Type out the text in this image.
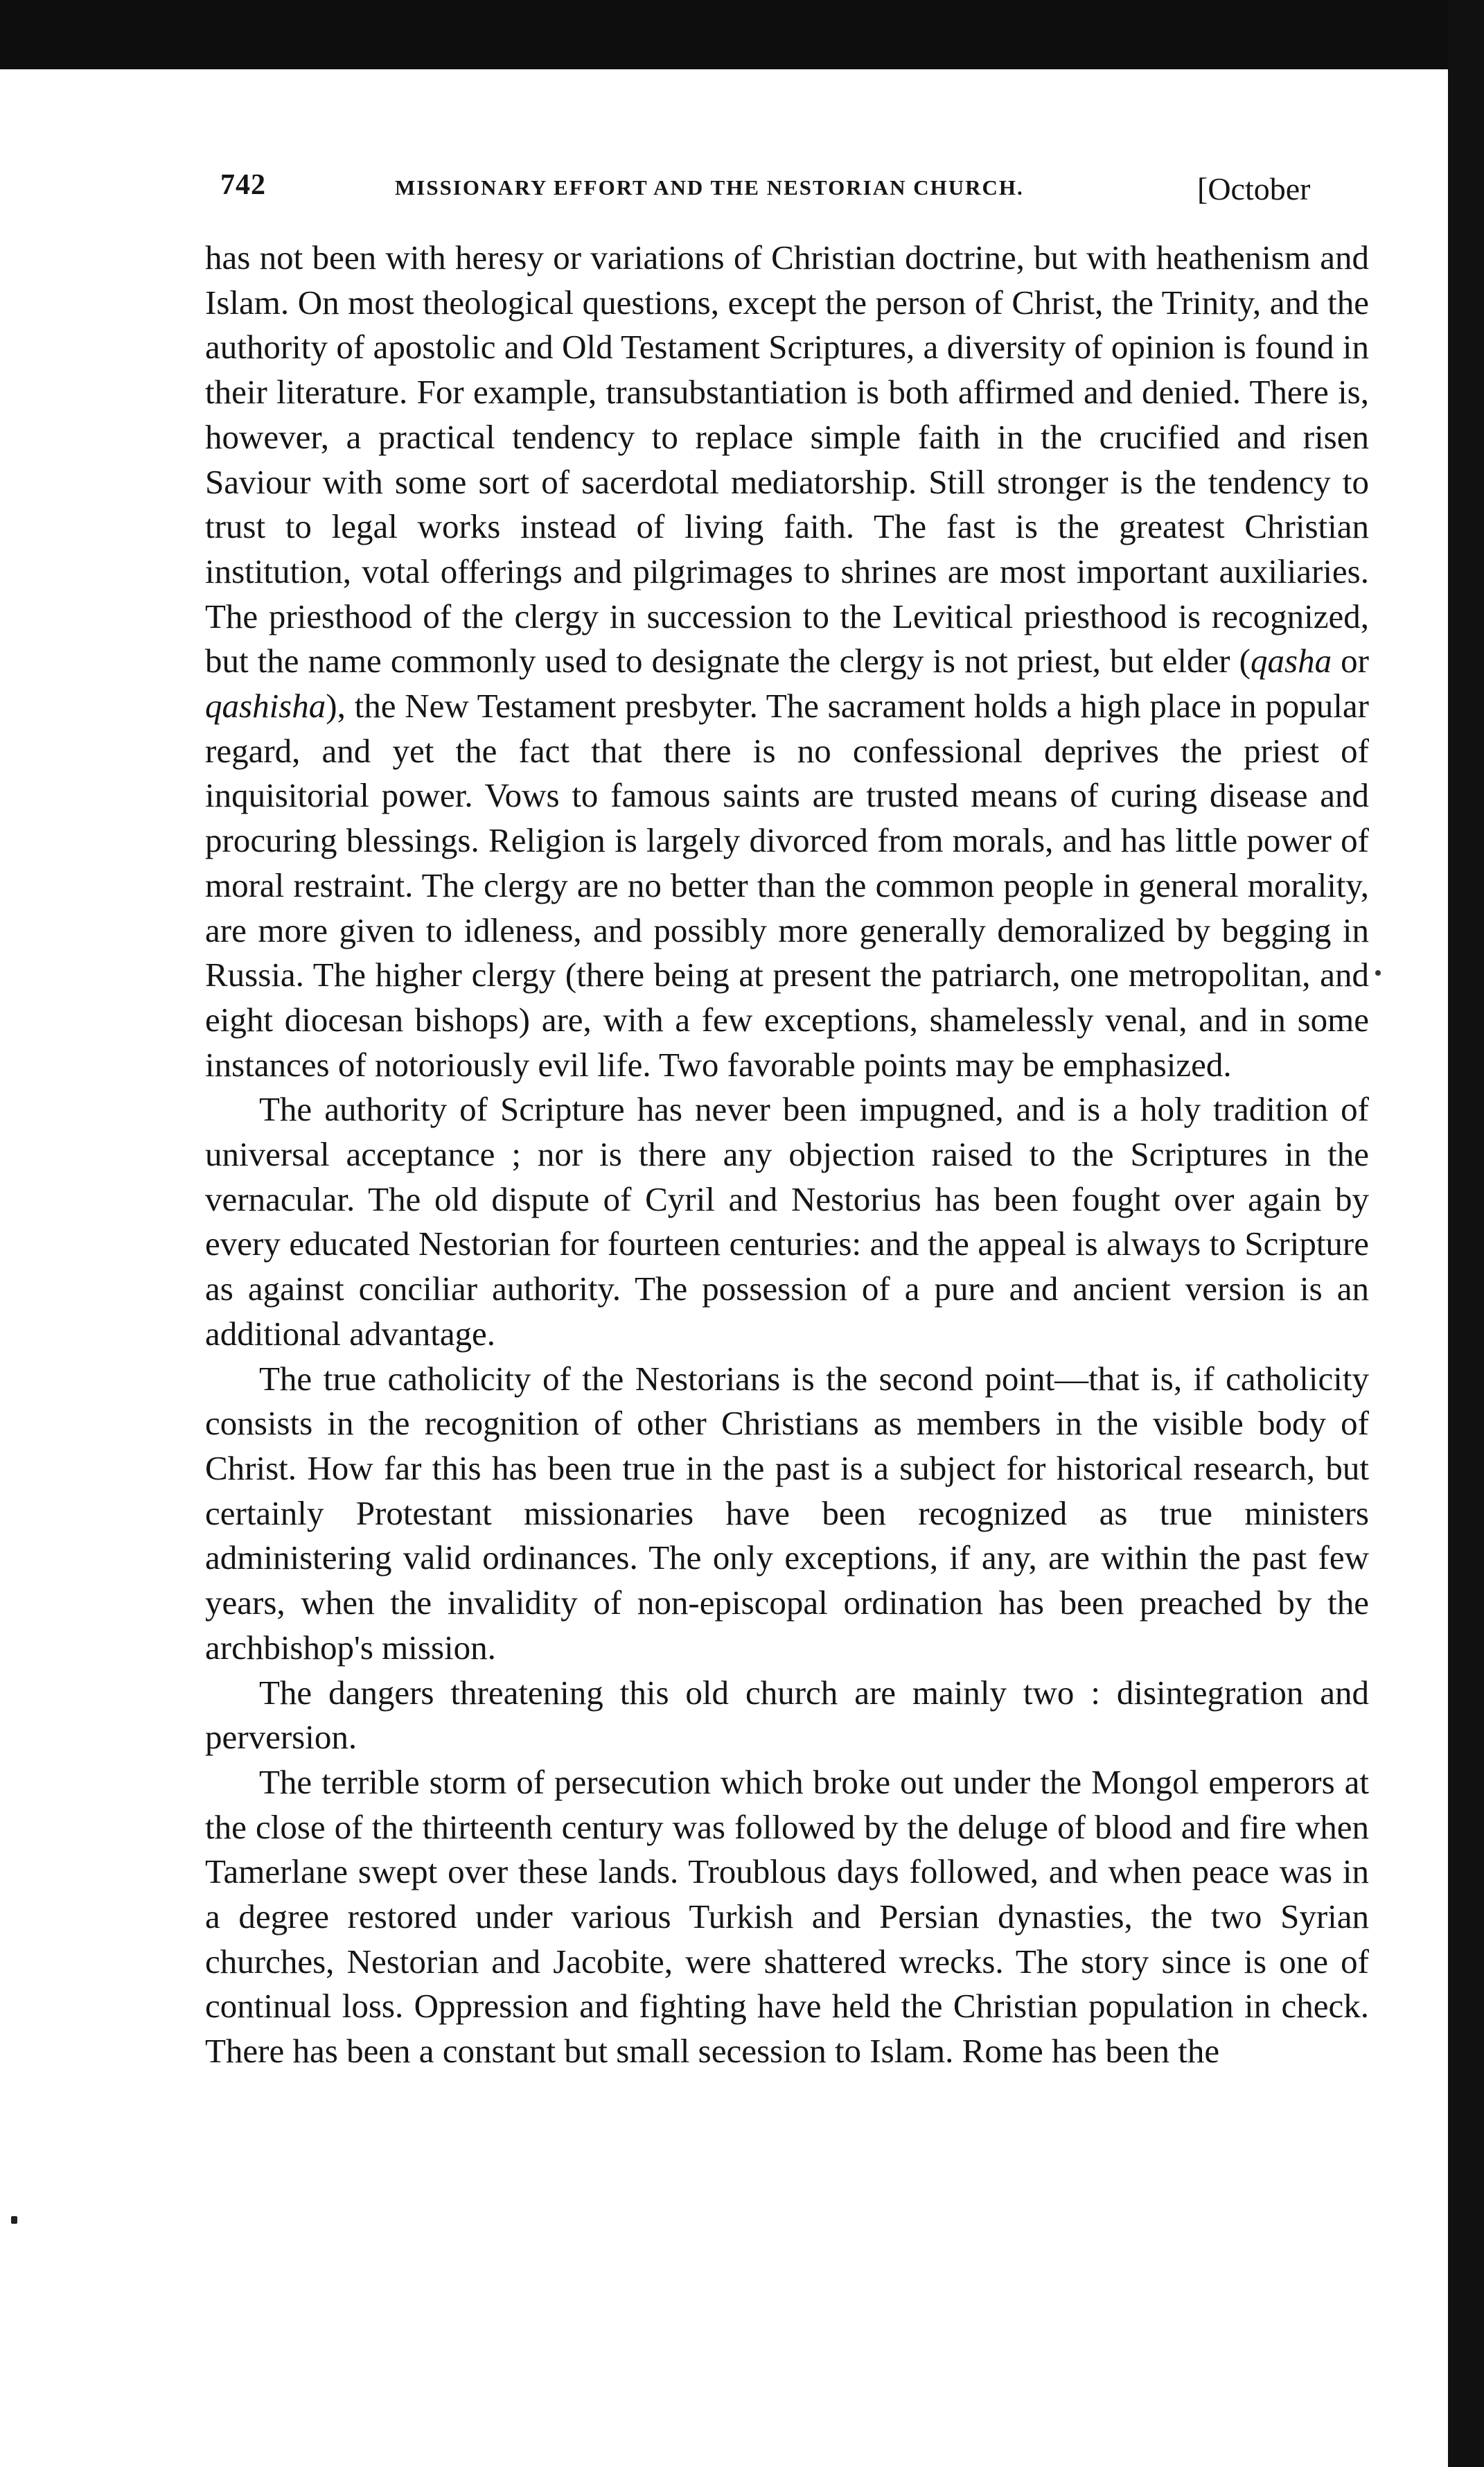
742	MISSIONARY EFFORT AND THE NESTORIAN CHURCH.	[October

has not been with heresy or variations of Christian doctrine, but with heathenism and Islam. On most theological questions, except the person of Christ, the Trinity, and the authority of apostolic and Old Testament Scriptures, a diversity of opinion is found in their literature. For example, transubstantiation is both affirmed and denied. There is, however, a practical tendency to replace simple faith in the crucified and risen Saviour with some sort of sacerdotal mediatorship. Still stronger is the tendency to trust to legal works instead of living faith. The fast is the greatest Christian institution, votal offerings and pilgrimages to shrines are most important auxiliaries. The priesthood of the clergy in succession to the Levitical priesthood is recognized, but the name commonly used to designate the clergy is not priest, but elder (qasha or qashisha), the New Testament presbyter. The sacrament holds a high place in popular regard, and yet the fact that there is no confessional deprives the priest of inquisitorial power. Vows to famous saints are trusted means of curing disease and procuring blessings. Religion is largely divorced from morals, and has little power of moral restraint. The clergy are no better than the common people in general morality, are more given to idleness, and possibly more generally demoralized by begging in Russia. The higher clergy (there being at present the patriarch, one metropolitan, and eight diocesan bishops) are, with a few exceptions, shamelessly venal, and in some instances of notoriously evil life. Two favorable points may be emphasized.

The authority of Scripture has never been impugned, and is a holy tradition of universal acceptance ; nor is there any objection raised to the Scriptures in the vernacular. The old dispute of Cyril and Nestorius has been fought over again by every educated Nestorian for fourteen centuries: and the appeal is always to Scripture as against conciliar authority. The possession of a pure and ancient version is an additional advantage.

The true catholicity of the Nestorians is the second point—that is, if catholicity consists in the recognition of other Christians as members in the visible body of Christ. How far this has been true in the past is a subject for historical research, but certainly Protestant missionaries have been recognized as true ministers administering valid ordinances. The only exceptions, if any, are within the past few years, when the invalidity of non-episcopal ordination has been preached by the archbishop's mission.

The dangers threatening this old church are mainly two : disintegration and perversion.

The terrible storm of persecution which broke out under the Mongol emperors at the close of the thirteenth century was followed by the deluge of blood and fire when Tamerlane swept over these lands. Troublous days followed, and when peace was in a degree restored under various Turkish and Persian dynasties, the two Syrian churches, Nestorian and Jacobite, were shattered wrecks. The story since is one of continual loss. Oppression and fighting have held the Christian population in check. There has been a constant but small secession to Islam. Rome has been the
